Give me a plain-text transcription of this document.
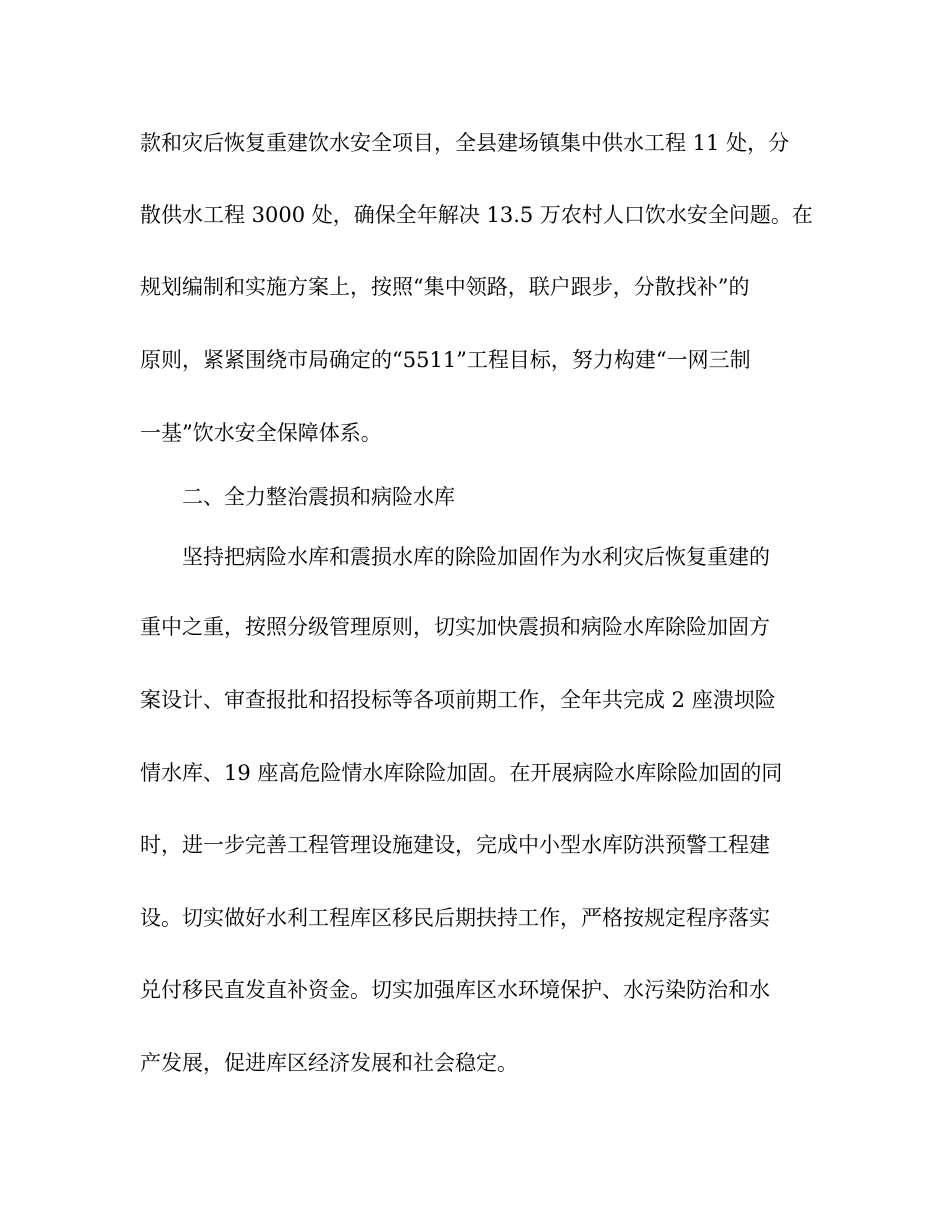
款和灾后恢复重建饮水安全项目，全县建场镇集中供水工程 11 处，分
散供水工程 3000 处，确保全年解决 13.5 万农村人口饮水安全问题。在
规划编制和实施方案上，按照“集中领路，联户跟步，分散找补”的
原则，紧紧围绕市局确定的“5511”工程目标，努力构建“一网三制
一基”饮水安全保障体系。
二、全力整治震损和病险水库
坚持把病险水库和震损水库的除险加固作为水利灾后恢复重建的
重中之重，按照分级管理原则，切实加快震损和病险水库除险加固方
案设计、审查报批和招投标等各项前期工作，全年共完成 2 座溃坝险
情水库、19 座高危险情水库除险加固。在开展病险水库除险加固的同
时，进一步完善工程管理设施建设，完成中小型水库防洪预警工程建
设。切实做好水利工程库区移民后期扶持工作，严格按规定程序落实
兑付移民直发直补资金。切实加强库区水环境保护、水污染防治和水
产发展，促进库区经济发展和社会稳定。
